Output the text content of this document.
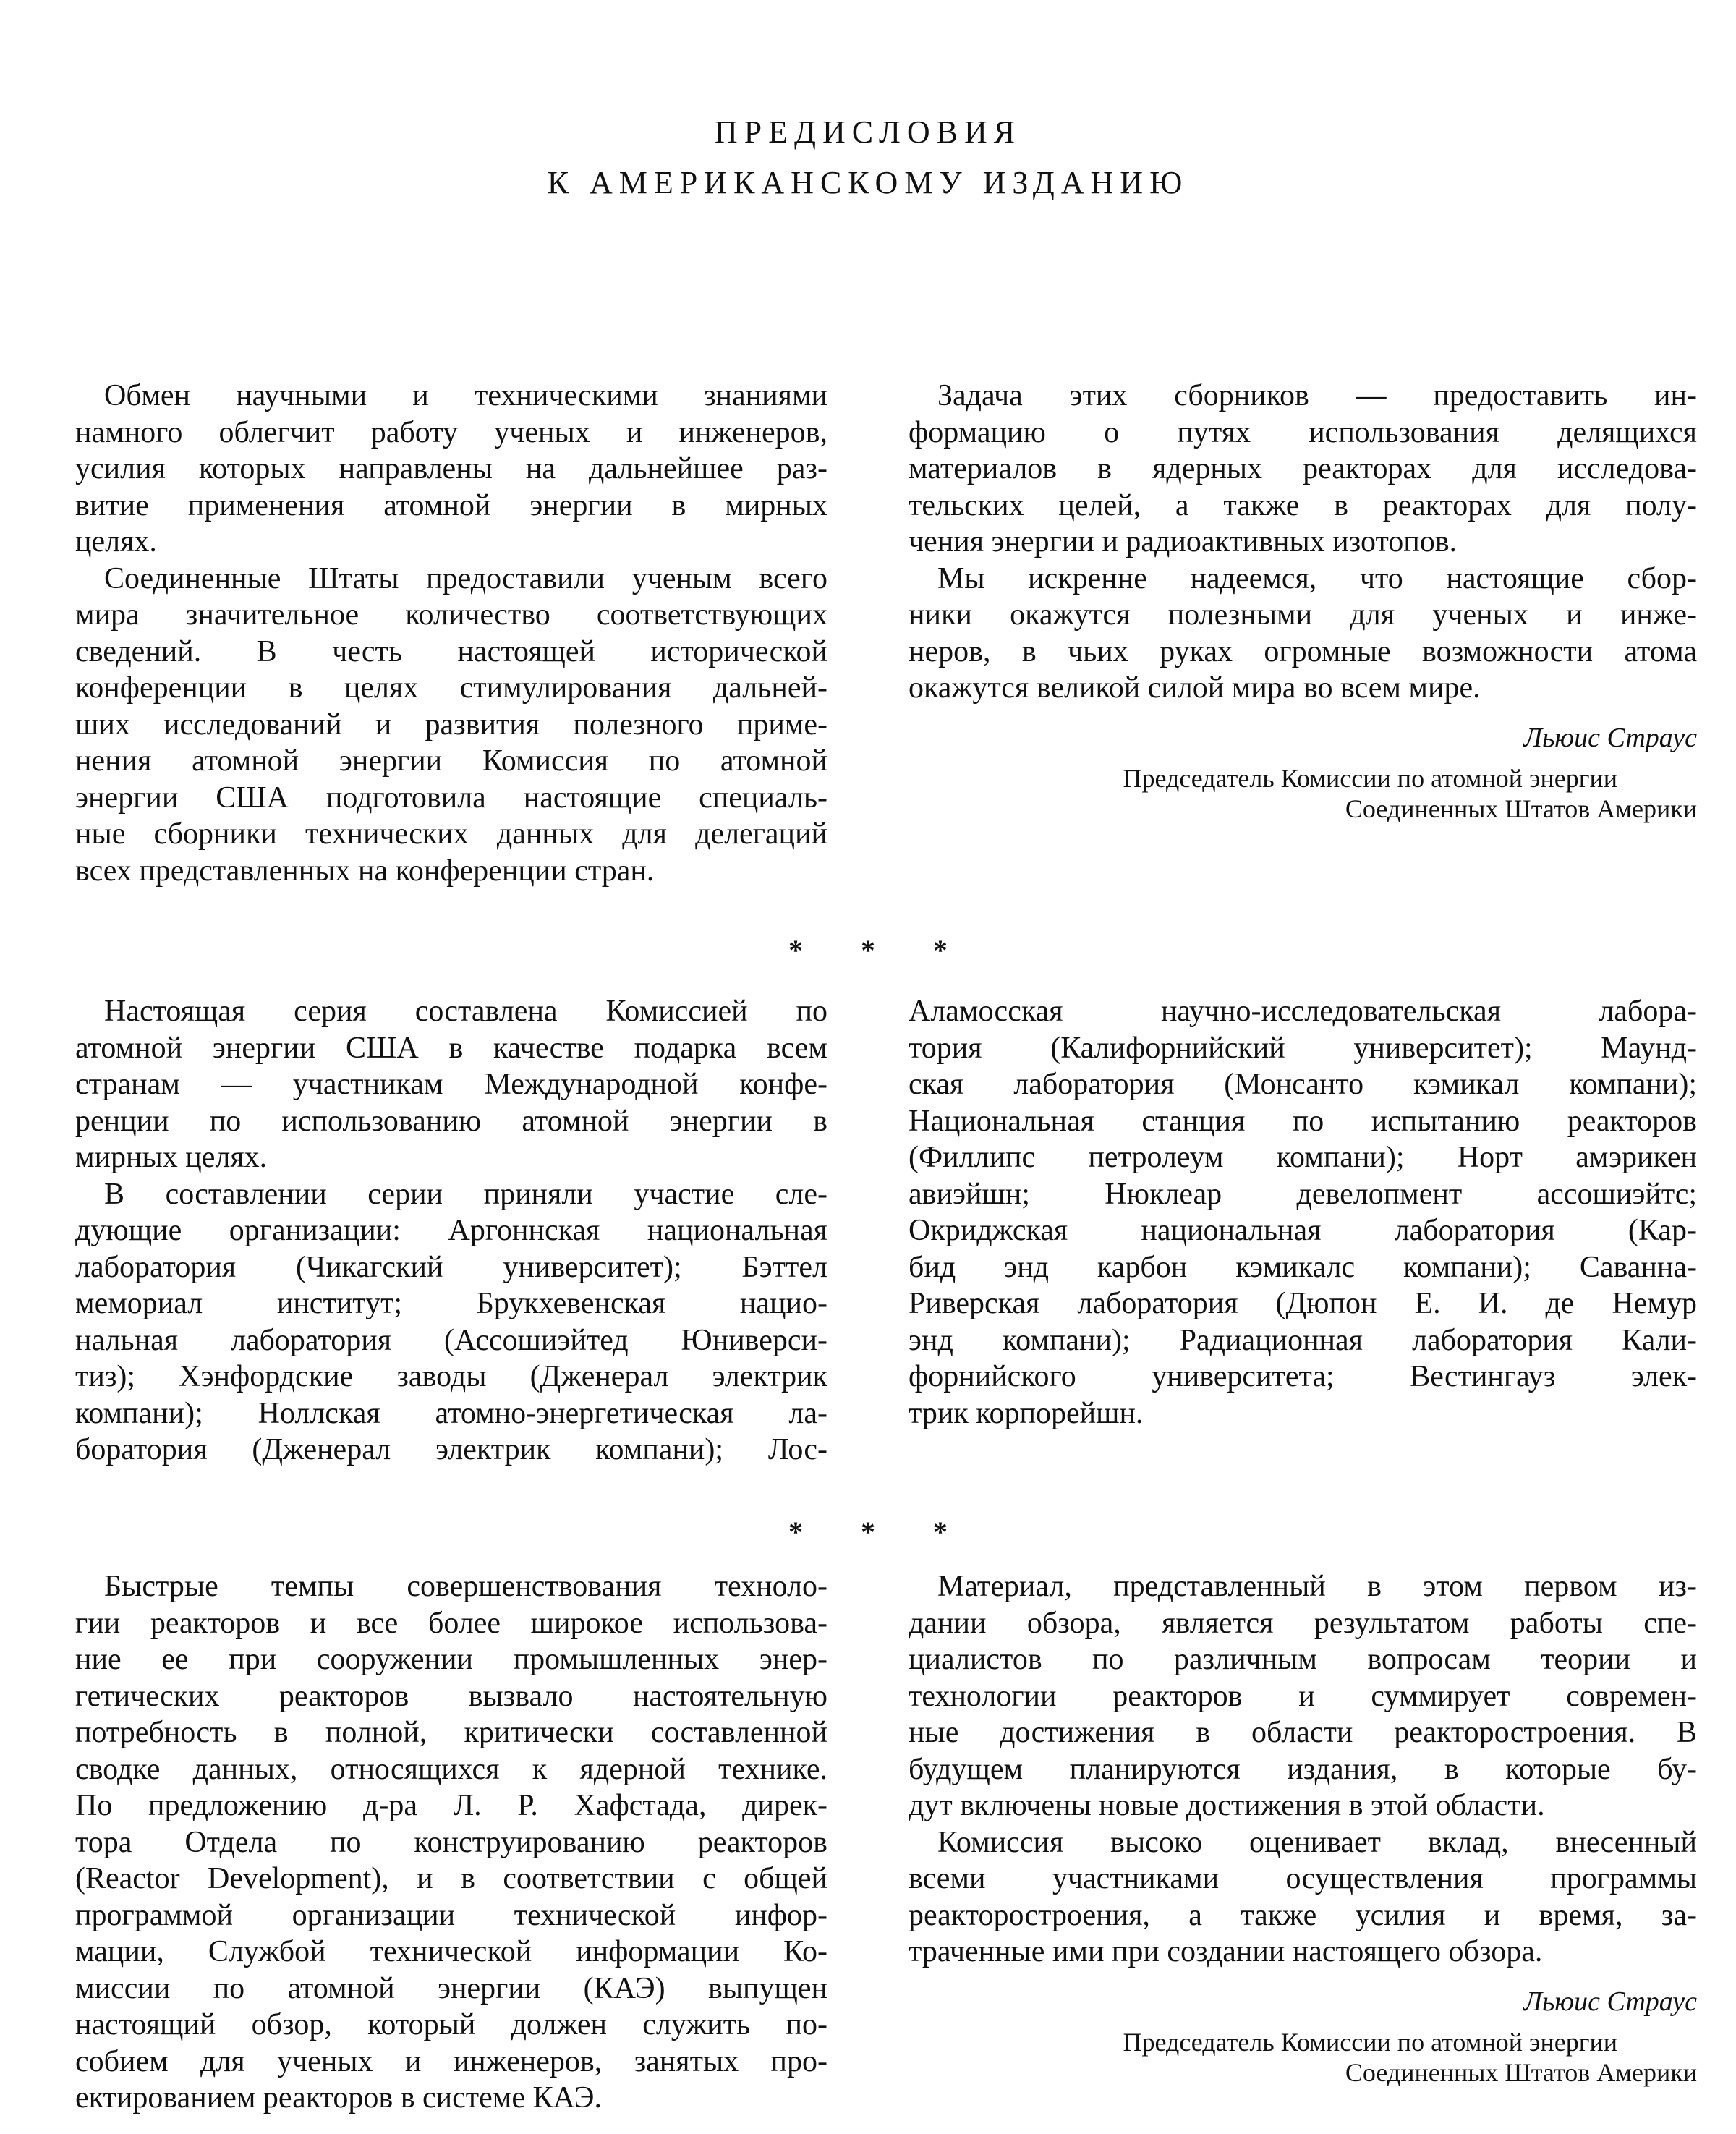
ПРЕДИСЛОВИЯ
К АМЕРИКАНСКОМУ ИЗДАНИЮ
Обмен научными и техническими знаниями
намного облегчит работу ученых и инженеров,
усилия которых направлены на дальнейшее раз-
витие применения атомной энергии в мирных
целях.
Соединенные Штаты предоставили ученым всего
мира значительное количество соответствующих
сведений. В честь настоящей исторической
конференции в целях стимулирования дальней-
ших исследований и развития полезного приме-
нения атомной энергии Комиссия по атомной
энергии США подготовила настоящие специаль-
ные сборники технических данных для делегаций
всех представленных на конференции стран.
Задача этих сборников — предоставить ин-
формацию о путях использования делящихся
материалов в ядерных реакторах для исследова-
тельских целей, а также в реакторах для полу-
чения энергии и радиоактивных изотопов.
Мы искренне надеемся, что настоящие сбор-
ники окажутся полезными для ученых и инже-
неров, в чьих руках огромные возможности атома
окажутся великой силой мира во всем мире.
Льюис Страус
Председатель Комиссии по атомной энергии
Соединенных Штатов Америки
* * *
Настоящая серия составлена Комиссией по
атомной энергии США в качестве подарка всем
странам — участникам Международной конфе-
ренции по использованию атомной энергии в
мирных целях.
В составлении серии приняли участие сле-
дующие организации: Аргоннская национальная
лаборатория (Чикагский университет); Бэттел
мемориал институт; Брукхевенская нацио-
нальная лаборатория (Ассошиэйтед Юниверси-
тиз); Хэнфордские заводы (Дженерал электрик
компани); Ноллская атомно-энергетическая ла-
боратория (Дженерал электрик компани); Лос-
Аламосская научно-исследовательская лабора-
тория (Калифорнийский университет); Маунд-
ская лаборатория (Монсанто кэмикал компани);
Национальная станция по испытанию реакторов
(Филлипс петролеум компани); Норт амэрикен
авиэйшн; Нюклеар девелопмент ассошиэйтс;
Окриджская национальная лаборатория (Кар-
бид энд карбон кэмикалс компани); Саванна-
Риверская лаборатория (Дюпон Е. И. де Немур
энд компани); Радиационная лаборатория Кали-
форнийского университета; Вестингауз элек-
трик корпорейшн.
* * *
Быстрые темпы совершенствования техноло-
гии реакторов и все более широкое использова-
ние ее при сооружении промышленных энер-
гетических реакторов вызвало настоятельную
потребность в полной, критически составленной
сводке данных, относящихся к ядерной технике.
По предложению д-ра Л. Р. Хафстада, дирек-
тора Отдела по конструированию реакторов
(Reactor Development), и в соответствии с общей
программой организации технической инфор-
мации, Службой технической информации Ко-
миссии по атомной энергии (КАЭ) выпущен
настоящий обзор, который должен служить по-
собием для ученых и инженеров, занятых про-
ектированием реакторов в системе КАЭ.
Материал, представленный в этом первом из-
дании обзора, является результатом работы спе-
циалистов по различным вопросам теории и
технологии реакторов и суммирует современ-
ные достижения в области реакторостроения. В
будущем планируются издания, в которые бу-
дут включены новые достижения в этой области.
Комиссия высоко оценивает вклад, внесенный
всеми участниками осуществления программы
реакторостроения, а также усилия и время, за-
траченные ими при создании настоящего обзора.
Льюис Страус
Председатель Комиссии по атомной энергии
Соединенных Штатов Америки
